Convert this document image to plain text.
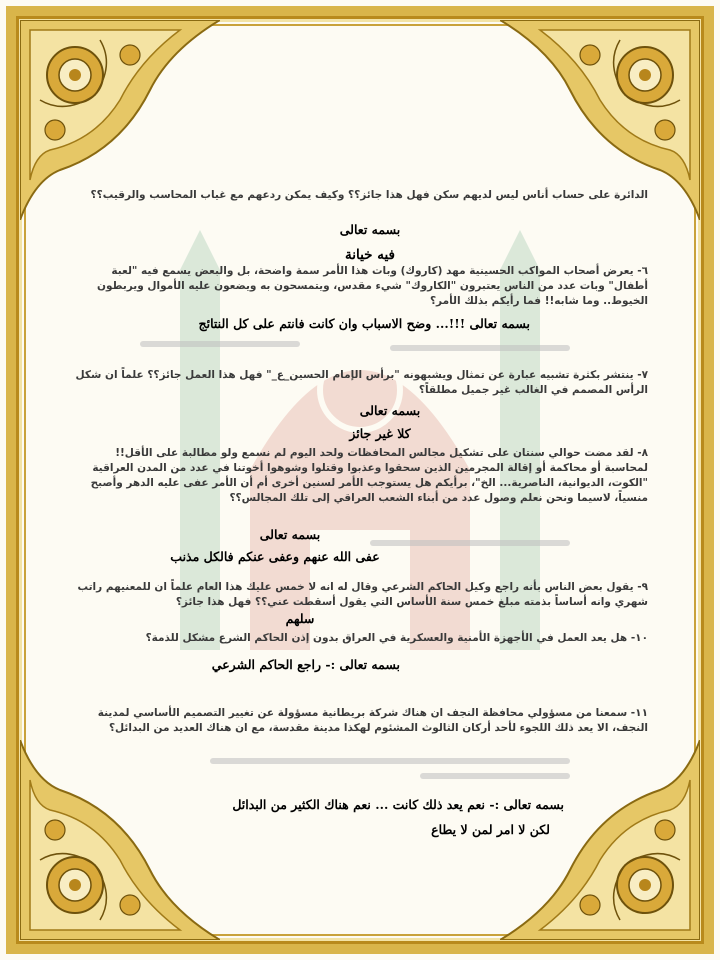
الدائرة على حساب أناس ليس لديهم سكن فهل هذا جائز؟؟ وكيف يمكن ردعهم مع غياب المحاسب والرقيب؟؟
بسمه تعالى
فيه خيانة
٦- يعرض أصحاب المواكب الحسينية مهد (كاروك) وبات هذا الأمر سمة واضحة، بل والبعض يسمع فيه "لعبة أطفال" وبات عدد من الناس يعتبرون "الكاروك" شيء مقدس، ويتمسحون به ويضعون عليه الأموال ويربطون الخيوط.. وما شابه!! فما رأيكم بذلك الأمر؟
بسمه تعالى !!!... وضح الاسباب وان كانت فانتم على كل النتائج
٧- ينتشر بكثرة تشبيه عبارة عن تمثال ويشبهونه "برأس الإمام الحسين_ع_" فهل هذا العمل جائز؟؟ علماً ان شكل الرأس المصمم في الغالب غير جميل مطلقاً؟
بسمه تعالى
كلا غير جائز
٨- لقد مضت حوالي سنتان على تشكيل مجالس المحافظات ولحد اليوم لم نسمع ولو مطالبة على الأقل!! لمحاسبة أو محاكمة أو إقالة المجرمين الذين سحقوا وعذبوا وقتلوا وشوهوا أخوتنا في عدد من المدن العراقية "الكوت، الديوانية، الناصرية... الخ"، برأيكم هل يستوجب الأمر لسنين أخرى أم أن الأمر عفى عليه الدهر وأصبح منسياً، لاسيما ونحن نعلم وصول عدد من أبناء الشعب العراقي إلى تلك المجالس؟؟
بسمه تعالى
عفى الله عنهم وعفى عنكم فالكل مذنب
٩- يقول بعض الناس بأنه راجع وكيل الحاكم الشرعي وقال له انه لا خمس عليك هذا العام علماً ان للمعنيهم راتب شهري وانه أساساً بذمته مبلغ خمس سنة الأساس التي يقول أسقطت عني؟؟ فهل هذا جائز؟
سلهم
١٠- هل يعد العمل في الأجهزة الأمنية والعسكرية في العراق بدون إذن الحاكم الشرع مشكل للذمة؟
بسمه تعالى :- راجع الحاكم الشرعي
١١- سمعنا من مسؤولي محافظة النجف ان هناك شركة بريطانية مسؤولة عن تغيير التصميم الأساسي لمدينة النجف، الا يعد ذلك اللجوء لأحد أركان الثالوث المشئوم لهكذا مدينة مقدسة، مع ان هناك العديد من البدائل؟
بسمه تعالى :- نعم يعد ذلك كانت ... نعم هناك الكثير من البدائل
لكن لا امر لمن لا يطاع
